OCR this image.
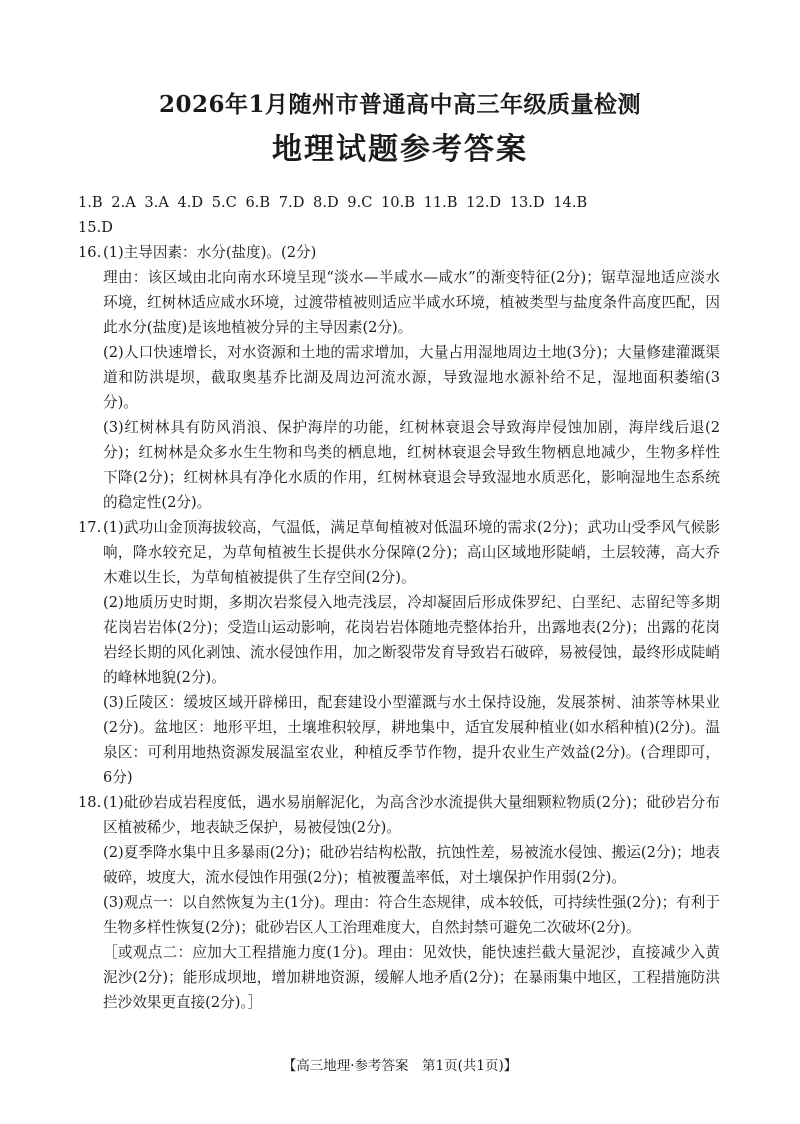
2026年1月随州市普通高中高三年级质量检测
地理试题参考答案

1.B 2.A 3.A 4.D 5.C 6.B 7.D 8.D 9.C 10.B 11.B 12.D 13.D 14.B

15.D

16. (1)主导因素：水分(盐度)。(2分)

理由：该区域由北向南水环境呈现“淡水—半咸水—咸水”的渐变特征(2分)；锯草湿地适应淡水环境，红树林适应咸水环境，过渡带植被则适应半咸水环境，植被类型与盐度条件高度匹配，因此水分(盐度)是该地植被分异的主导因素(2分)。

(2)人口快速增长，对水资源和土地的需求增加，大量占用湿地周边土地(3分)；大量修建灌溉渠道和防洪堤坝，截取奥基乔比湖及周边河流水源，导致湿地水源补给不足，湿地面积萎缩(3分)。

(3)红树林具有防风消浪、保护海岸的功能，红树林衰退会导致海岸侵蚀加剧，海岸线后退(2分)；红树林是众多水生生物和鸟类的栖息地，红树林衰退会导致生物栖息地减少，生物多样性下降(2分)；红树林具有净化水质的作用，红树林衰退会导致湿地水质恶化，影响湿地生态系统的稳定性(2分)。

17. (1)武功山金顶海拔较高，气温低，满足草甸植被对低温环境的需求(2分)；武功山受季风气候影响，降水较充足，为草甸植被生长提供水分保障(2分)；高山区域地形陡峭，土层较薄，高大乔木难以生长，为草甸植被提供了生存空间(2分)。

(2)地质历史时期，多期次岩浆侵入地壳浅层，冷却凝固后形成侏罗纪、白垩纪、志留纪等多期花岗岩岩体(2分)；受造山运动影响，花岗岩岩体随地壳整体抬升，出露地表(2分)；出露的花岗岩经长期的风化剥蚀、流水侵蚀作用，加之断裂带发育导致岩石破碎，易被侵蚀，最终形成陡峭的峰林地貌(2分)。

(3)丘陵区：缓坡区域开辟梯田，配套建设小型灌溉与水土保持设施，发展茶树、油茶等林果业(2分)。盆地区：地形平坦，土壤堆积较厚，耕地集中，适宜发展种植业(如水稻种植)(2分)。温泉区：可利用地热资源发展温室农业，种植反季节作物，提升农业生产效益(2分)。(合理即可，6分)

18. (1)砒砂岩成岩程度低，遇水易崩解泥化，为高含沙水流提供大量细颗粒物质(2分)；砒砂岩分布区植被稀少，地表缺乏保护，易被侵蚀(2分)。

(2)夏季降水集中且多暴雨(2分)；砒砂岩结构松散，抗蚀性差，易被流水侵蚀、搬运(2分)；地表破碎，坡度大，流水侵蚀作用强(2分)；植被覆盖率低，对土壤保护作用弱(2分)。

(3)观点一：以自然恢复为主(1分)。理由：符合生态规律，成本较低，可持续性强(2分)；有利于生物多样性恢复(2分)；砒砂岩区人工治理难度大，自然封禁可避免二次破坏(2分)。

［或观点二：应加大工程措施力度(1分)。理由：见效快，能快速拦截大量泥沙，直接减少入黄泥沙(2分)；能形成坝地，增加耕地资源，缓解人地矛盾(2分)；在暴雨集中地区，工程措施防洪拦沙效果更直接(2分)。］

【高三地理·参考答案　第1页(共1页)】
